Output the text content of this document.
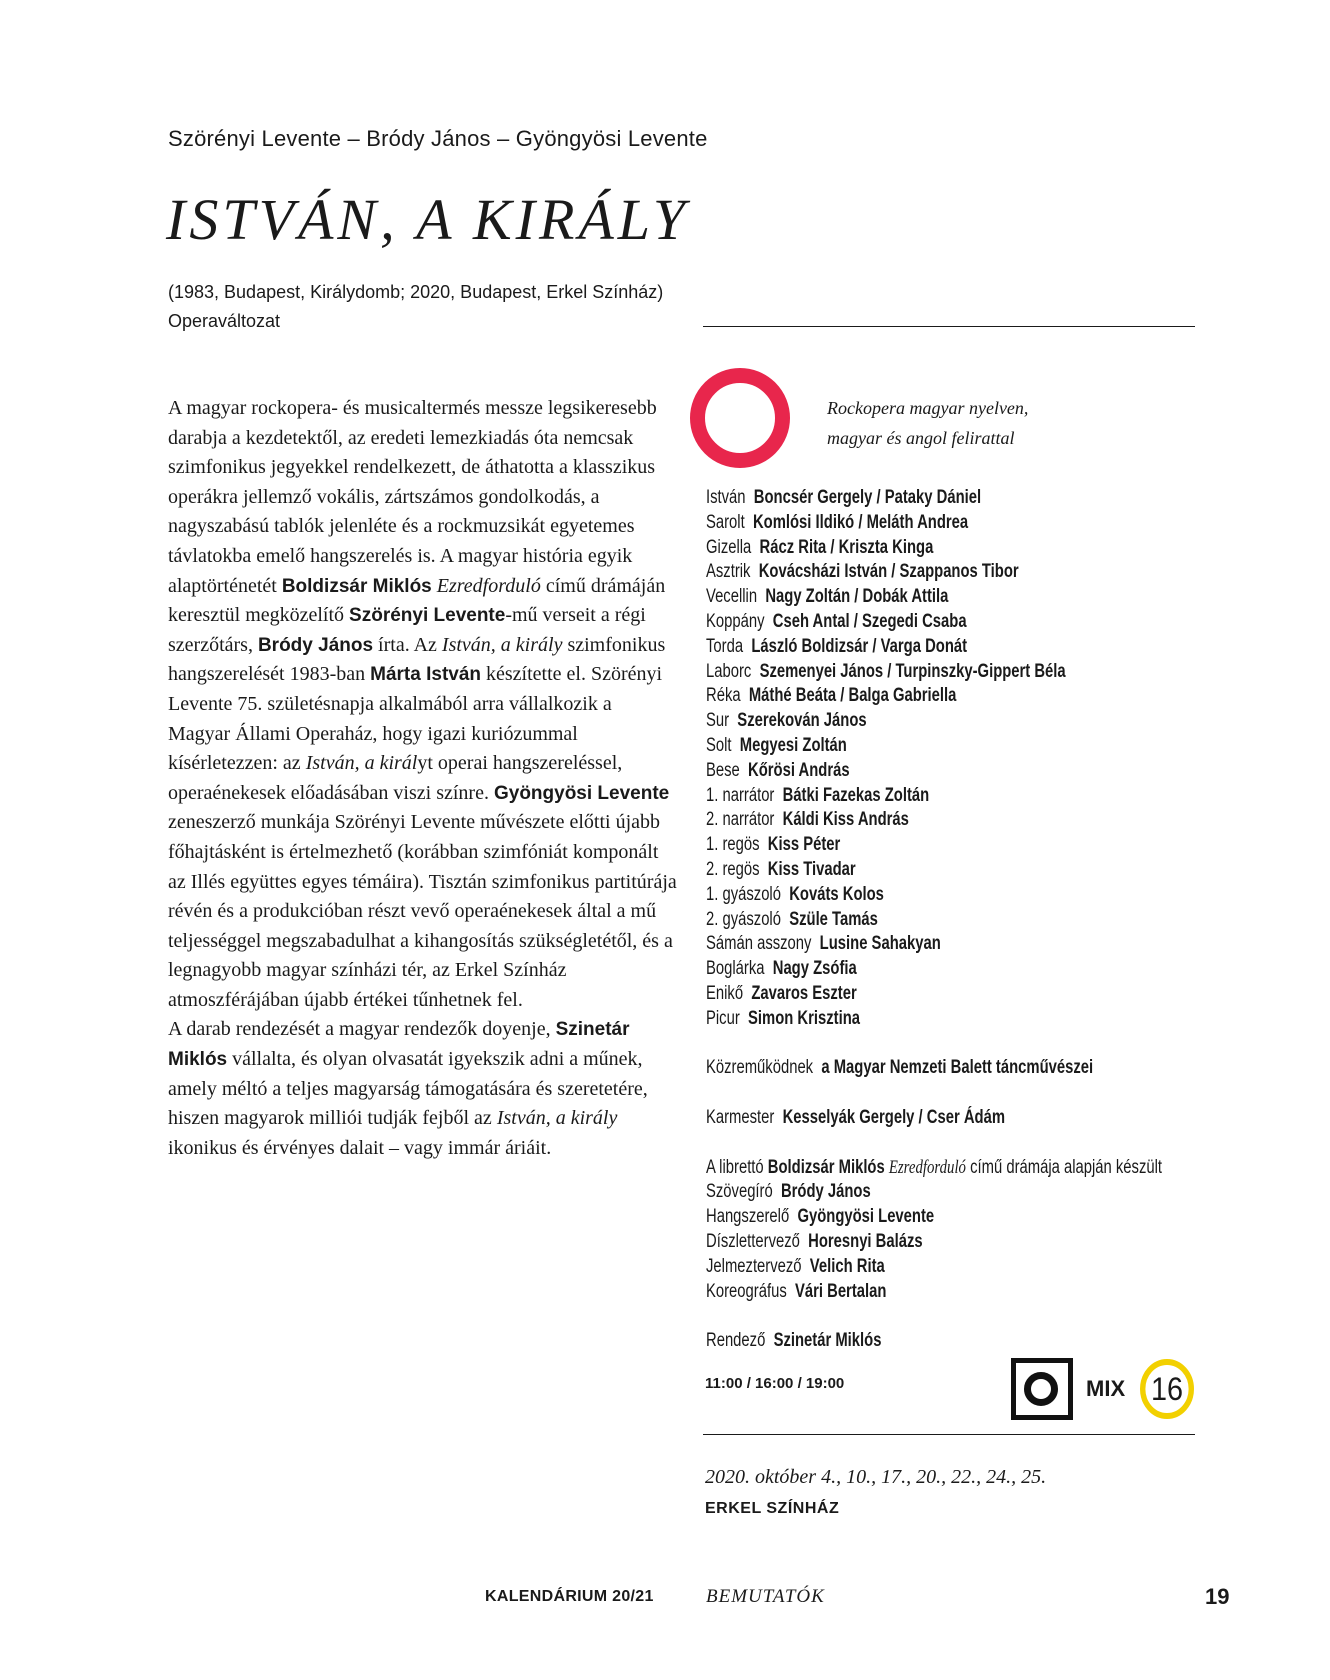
Szörényi Levente – Bródy János – Gyöngyösi Levente
ISTVÁN, A KIRÁLY
(1983, Budapest, Királydomb; 2020, Budapest, Erkel Színház)
Operaváltozat

A magyar rockopera- és musicaltermés messze legsikeresebb darabja a kezdetektől, az eredeti lemezkiadás óta nemcsak szimfonikus jegyekkel rendelkezett, de áthatotta a klasszikus operákra jellemző vokális, zártszámos gondolkodás, a nagyszabású tablók jelenléte és a rockmuzsikát egyetemes távlatokba emelő hangszerelés is. A magyar história egyik alaptörténetét Boldizsár Miklós Ezredforduló című drámáján keresztül megközelítő Szörényi Levente-mű verseit a régi szerzőtárs, Bródy János írta. Az István, a király szimfonikus hangszerelését 1983-ban Márta István készítette el. Szörényi Levente 75. születésnapja alkalmából arra vállalkozik a Magyar Állami Operaház, hogy igazi kuriózummal kísérletezzen: az István, a királyt operai hangszereléssel, operaénekesek előadásában viszi színre. Gyöngyösi Levente zeneszerző munkája Szörényi Levente művészete előtti újabb főhajtásként is értelmezhető (korábban szimfóniát komponált az Illés együttes egyes témáira). Tisztán szimfonikus partitúrája révén és a produkcióban részt vevő operaénekesek által a mű teljességgel megszabadulhat a kihangosítás szükségletétől, és a legnagyobb magyar színházi tér, az Erkel Színház atmoszférájában újabb értékei tűnhetnek fel.

A darab rendezését a magyar rendezők doyenje, Szinetár Miklós vállalta, és olyan olvasatát igyekszik adni a műnek, amely méltó a teljes magyarság támogatására és szeretetére, hiszen magyarok milliói tudják fejből az István, a király ikonikus és érvényes dalait – vagy immár áriáit.

Rockopera magyar nyelven,
magyar és angol felirattal
István Boncsér Gergely / Pataky Dániel
Sarolt Komlósi Ildikó / Meláth Andrea
Gizella Rácz Rita / Kriszta Kinga
Asztrik Kovácsházi István / Szappanos Tibor
Vecellin Nagy Zoltán / Dobák Attila
Koppány Cseh Antal / Szegedi Csaba
Torda László Boldizsár / Varga Donát
Laborc Szemenyei János / Turpinszky-Gippert Béla
Réka Máthé Beáta / Balga Gabriella
Sur Szerekován János
Solt Megyesi Zoltán
Bese Kőrösi András
1. narrátor Bátki Fazekas Zoltán
2. narrátor Káldi Kiss András
1. regös Kiss Péter
2. regös Kiss Tivadar
1. gyászoló Kováts Kolos
2. gyászoló Szüle Tamás
Sámán asszony Lusine Sahakyan
Boglárka Nagy Zsófia
Enikő Zavaros Eszter
Picur Simon Krisztina
Közreműködnek a Magyar Nemzeti Balett táncművészei
Karmester Kesselyák Gergely / Cser Ádám
A librettó Boldizsár Miklós Ezredforduló című drámája alapján készült
Szövegíró Bródy János
Hangszerelő Gyöngyösi Levente
Díszlettervező Horesnyi Balázs
Jelmeztervező Velich Rita
Koreográfus Vári Bertalan
Rendező Szinetár Miklós
11:00 / 16:00 / 19:00	MIX 16
2020. október 4., 10., 17., 20., 22., 24., 25.
ERKEL SZÍNHÁZ
KALENDÁRIUM 20/21	BEMUTATÓK	19
